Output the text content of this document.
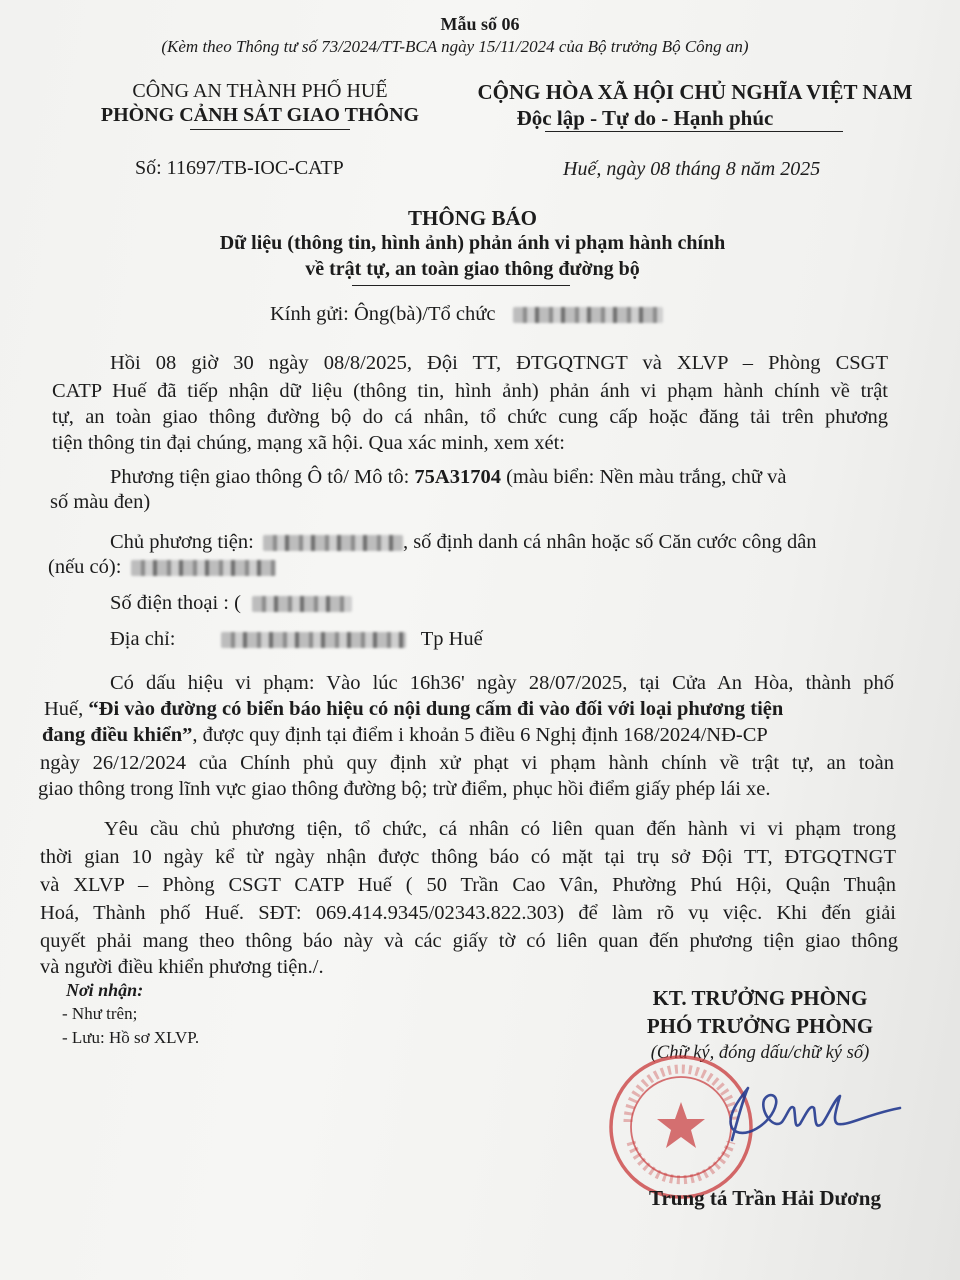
Mẫu số 06
(Kèm theo Thông tư số 73/2024/TT-BCA ngày 15/11/2024 của Bộ trưởng Bộ Công an)
CÔNG AN THÀNH PHỐ HUẾ
PHÒNG CẢNH SÁT GIAO THÔNG
CỘNG HÒA XÃ HỘI CHỦ NGHĨA VIỆT NAM
Độc lập - Tự do - Hạnh phúc
Số: 11697/TB-IOC-CATP	Huế, ngày 08 tháng 8 năm 2025
THÔNG BÁO
Dữ liệu (thông tin, hình ảnh) phản ánh vi phạm hành chính
về trật tự, an toàn giao thông đường bộ
Kính gửi: Ông(bà)/Tổ chức
Hồi 08 giờ 30 ngày 08/8/2025, Đội TT, ĐTGQTNGT và XLVP – Phòng CSGT
CATP Huế đã tiếp nhận dữ liệu (thông tin, hình ảnh) phản ánh vi phạm hành chính về trật
tự, an toàn giao thông đường bộ do cá nhân, tổ chức cung cấp hoặc đăng tải trên phương
tiện thông tin đại chúng, mạng xã hội. Qua xác minh, xem xét:
Phương tiện giao thông Ô tô/ Mô tô: 75A31704 (màu biển: Nền màu trắng, chữ và
số màu đen)
Chủ phương tiện:	, số định danh cá nhân hoặc số Căn cước công dân
(nếu có):
Số điện thoại : (
Địa chỉ:	Tp Huế
Có dấu hiệu vi phạm: Vào lúc 16h36' ngày 28/07/2025, tại Cửa An Hòa, thành phố
Huế, “Đi vào đường có biển báo hiệu có nội dung cấm đi vào đối với loại phương tiện
đang điều khiển”, được quy định tại điểm i khoản 5 điều 6 Nghị định 168/2024/NĐ-CP
ngày 26/12/2024 của Chính phủ quy định xử phạt vi phạm hành chính về trật tự, an toàn
giao thông trong lĩnh vực giao thông đường bộ; trừ điểm, phục hồi điểm giấy phép lái xe.
Yêu cầu chủ phương tiện, tổ chức, cá nhân có liên quan đến hành vi vi phạm trong
thời gian 10 ngày kể từ ngày nhận được thông báo có mặt tại trụ sở Đội TT, ĐTGQTNGT
và XLVP – Phòng CSGT CATP Huế ( 50 Trần Cao Vân, Phường Phú Hội, Quận Thuận
Hoá, Thành phố Huế. SĐT: 069.414.9345/02343.822.303) để làm rõ vụ việc. Khi đến giải
quyết phải mang theo thông báo này và các giấy tờ có liên quan đến phương tiện giao thông
và người điều khiển phương tiện./.
Nơi nhận:
- Như trên;
- Lưu: Hồ sơ XLVP.
KT. TRƯỞNG PHÒNG
PHÓ TRƯỞNG PHÒNG
(Chữ ký, đóng dấu/chữ ký số)
Trung tá Trần Hải Dương
